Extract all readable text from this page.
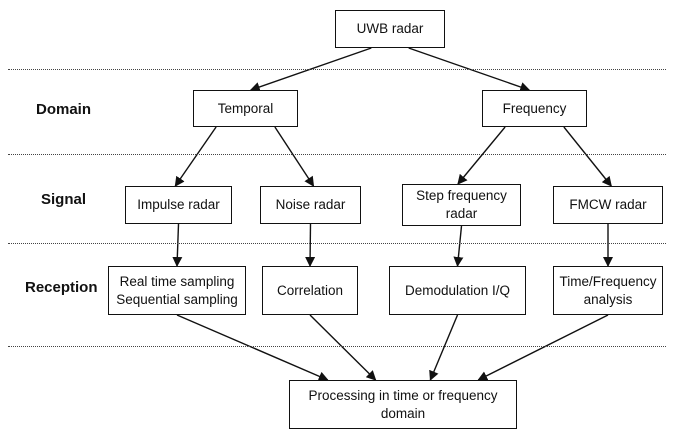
Domain
Signal
Reception
UWB radar
Temporal	Frequency
Impulse radar	Noise radar
Step frequency
radar
FMCW radar
Real time sampling
Sequential sampling
Correlation	Demodulation I/Q
Time/Frequency
analysis
Processing in time or frequency
domain
